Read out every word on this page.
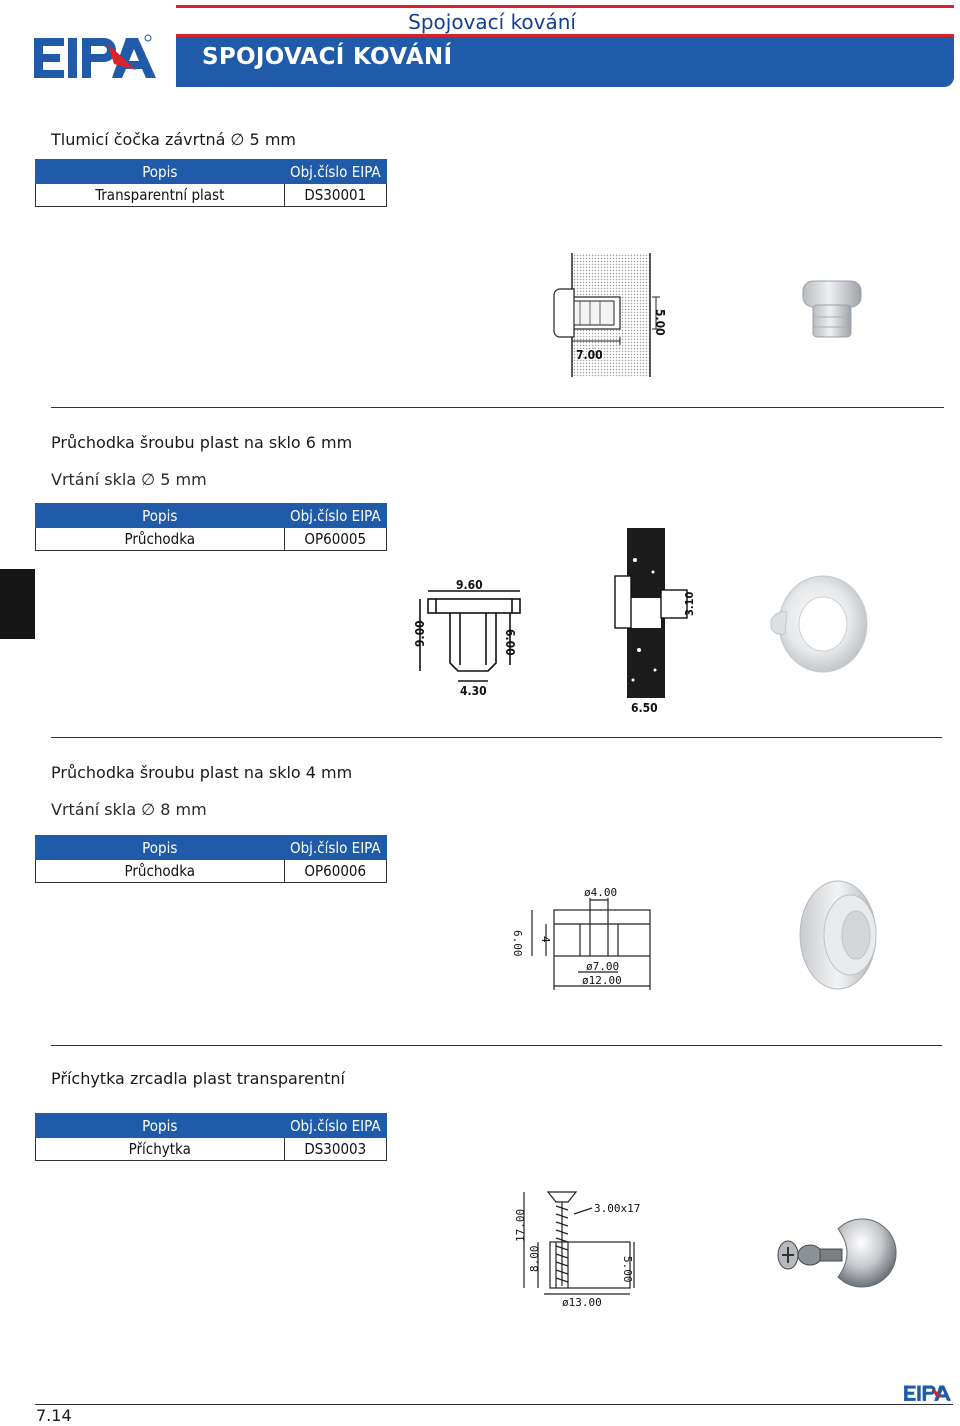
Spojovací kování
SPOJOVACÍ KOVÁNÍ
Tlumicí čočka závrtná ∅ 5 mm
Popis	Obj.číslo EIPA
Transparentní plast	DS30001
7.00
5.00
Průchodka šroubu plast na sklo 6 mm
Vrtání skla ∅ 5 mm
Popis	Obj.číslo EIPA
Průchodka	OP60005
9.60
9.00	6.00
4.30
6.50
3.10
Průchodka šroubu plast na sklo 4 mm
Vrtání skla ∅ 8 mm
Popis	Obj.číslo EIPA
Průchodka	OP60006
ø4.00
6.00 4
ø7.00
ø12.00
Příchytka zrcadla plast transparentní
Popis	Obj.číslo EIPA
Příchytka	DS30003
3.00x17
17.00
8.00	5.00
ø13.00
7.14
